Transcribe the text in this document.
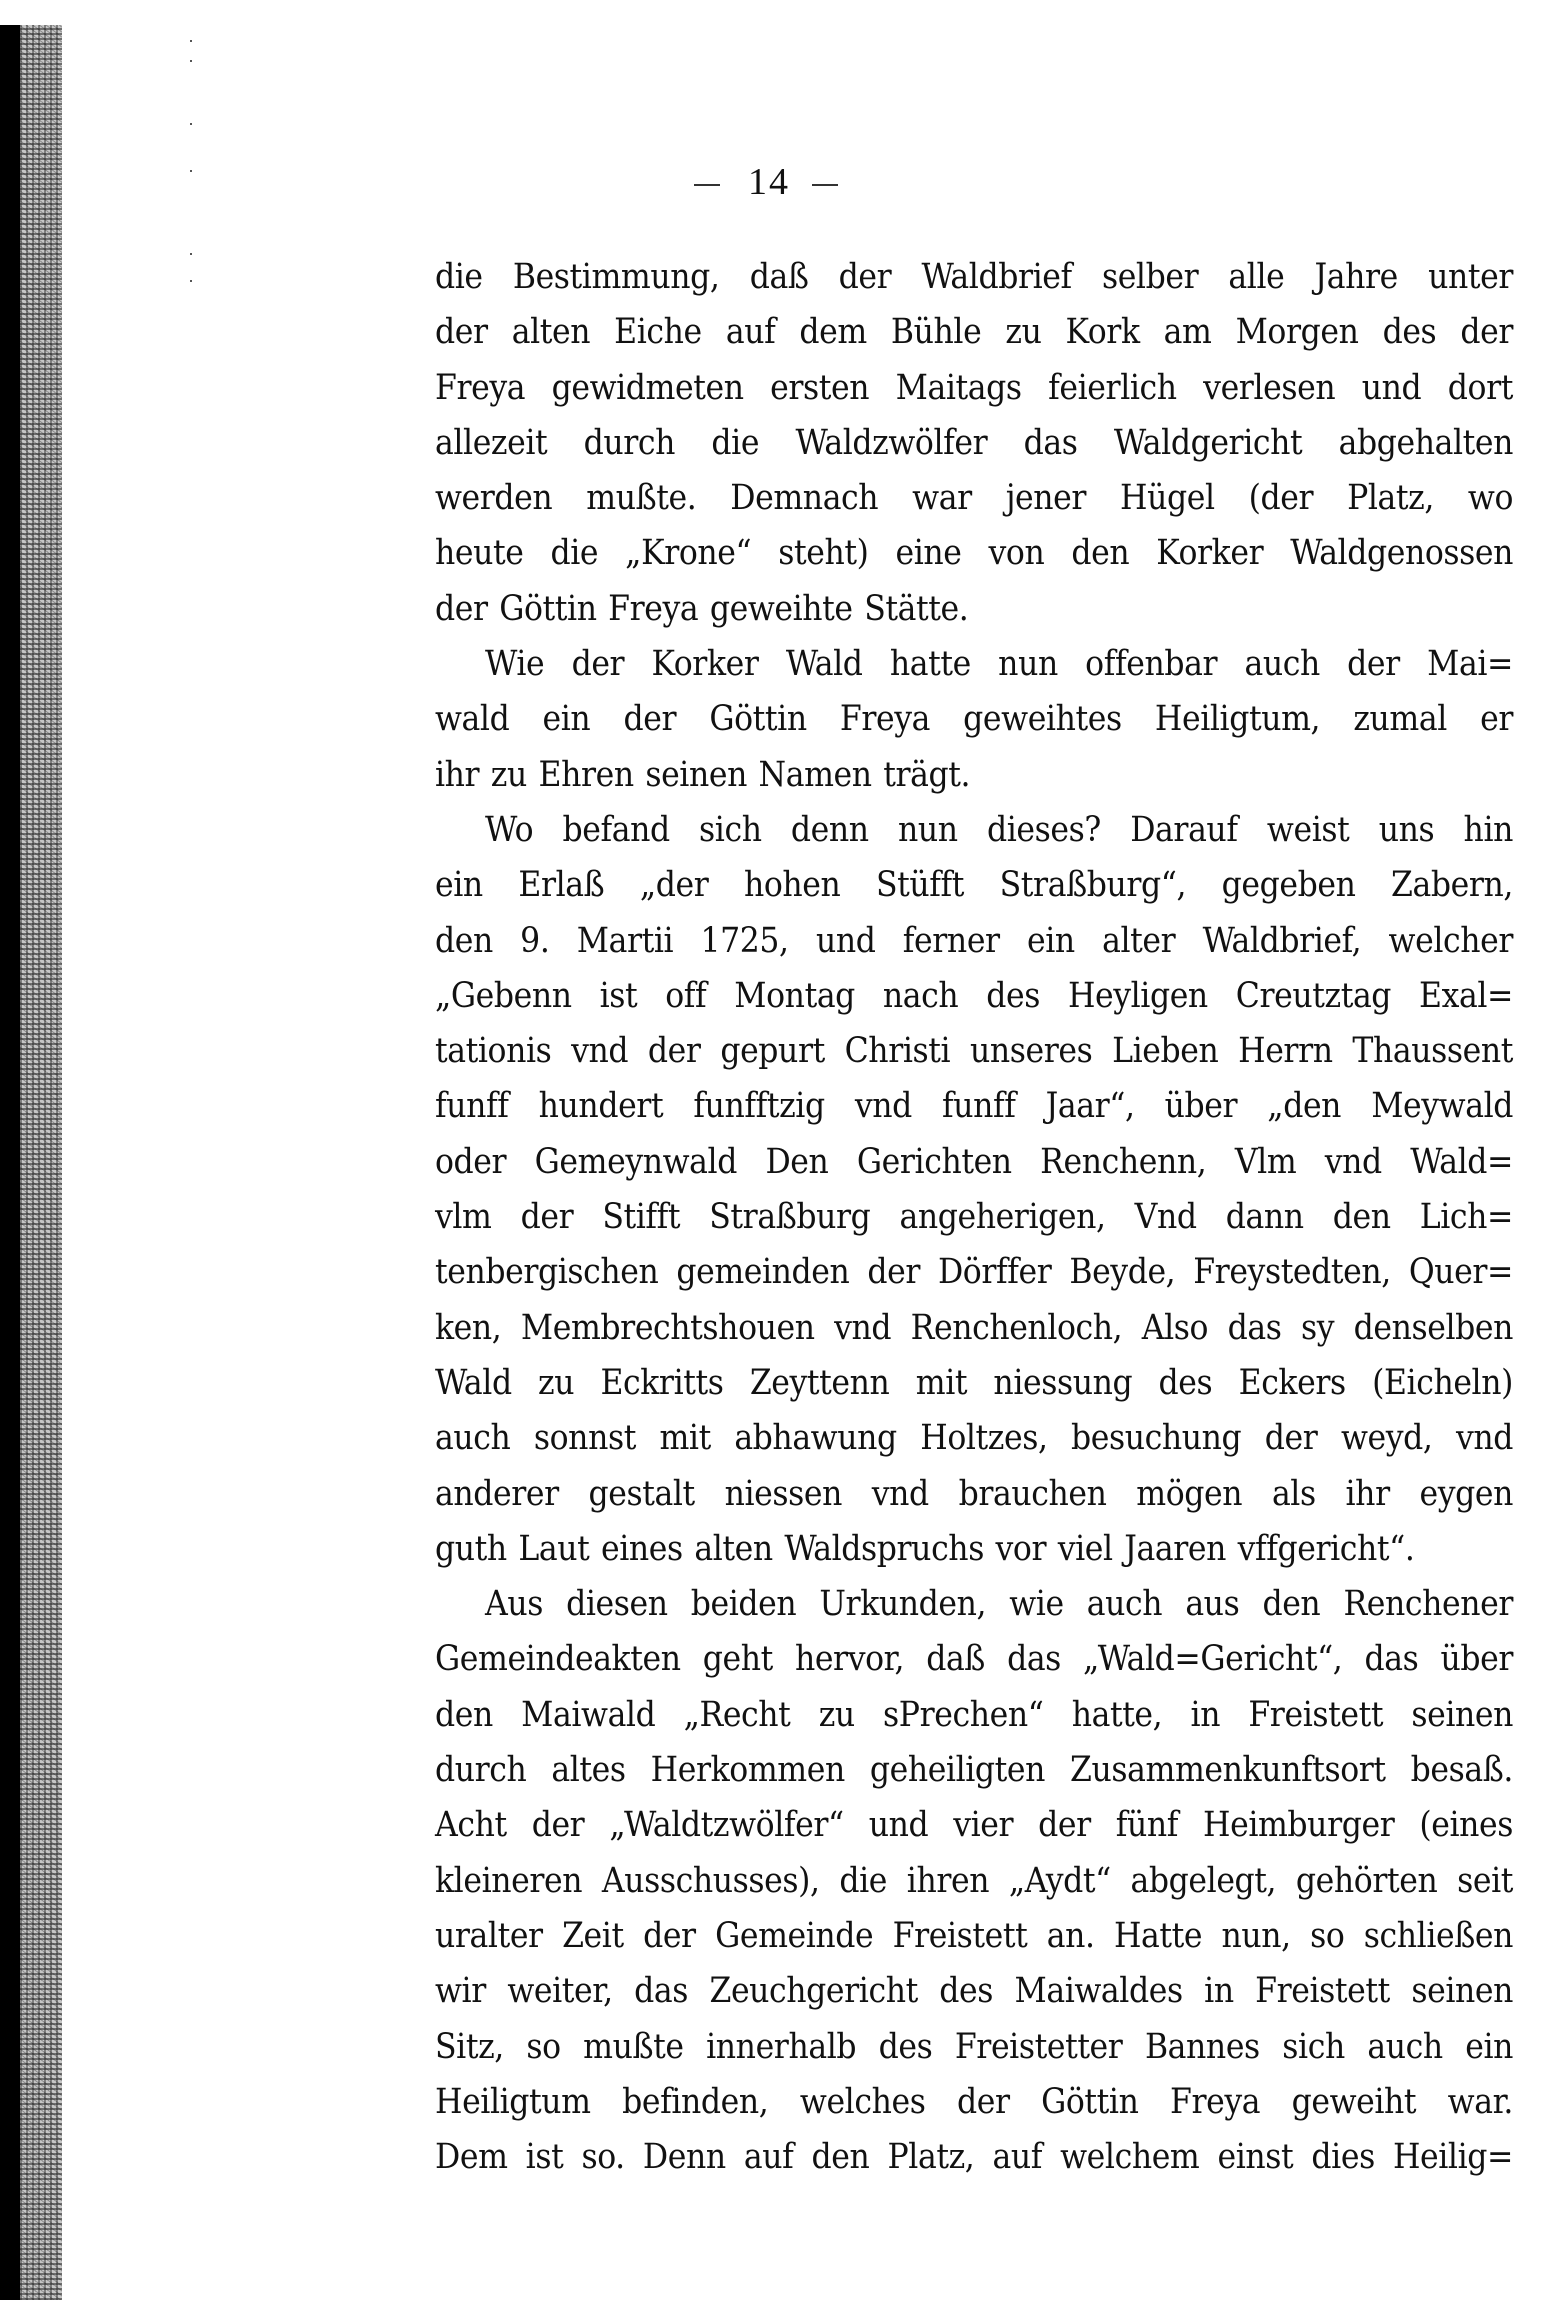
14
die Bestimmung, daß der Waldbrief selber alle Jahre unter
der alten Eiche auf dem Bühle zu Kork am Morgen des der
Freya gewidmeten ersten Maitags feierlich verlesen und dort
allezeit durch die Waldzwölfer das Waldgericht abgehalten
werden mußte. Demnach war jener Hügel (der Platz, wo
heute die „Krone“ steht) eine von den Korker Waldgenossen
der Göttin Freya geweihte Stätte.
Wie der Korker Wald hatte nun offenbar auch der Mai=
wald ein der Göttin Freya geweihtes Heiligtum, zumal er
ihr zu Ehren seinen Namen trägt.
Wo befand sich denn nun dieses? Darauf weist uns hin
ein Erlaß „der hohen Stüfft Straßburg“, gegeben Zabern,
den 9. Martii 1725, und ferner ein alter Waldbrief, welcher
„Gebenn ist off Montag nach des Heyligen Creutztag Exal=
tationis vnd der gepurt Christi unseres Lieben Herrn Thaussent
funff hundert funfftzig vnd funff Jaar“, über „den Meywald
oder Gemeynwald Den Gerichten Renchenn, Vlm vnd Wald=
vlm der Stifft Straßburg angeherigen, Vnd dann den Lich=
tenbergischen gemeinden der Dörffer Beyde, Freystedten, Quer=
ken, Membrechtshouen vnd Renchenloch, Also das sy denselben
Wald zu Eckritts Zeyttenn mit niessung des Eckers (Eicheln)
auch sonnst mit abhawung Holtzes, besuchung der weyd, vnd
anderer gestalt niessen vnd brauchen mögen als ihr eygen
guth Laut eines alten Waldspruchs vor viel Jaaren vffgericht“.
Aus diesen beiden Urkunden, wie auch aus den Renchener
Gemeindeakten geht hervor, daß das „Wald=Gericht“, das über
den Maiwald „Recht zu sPrechen“ hatte, in Freistett seinen
durch altes Herkommen geheiligten Zusammenkunftsort besaß.
Acht der „Waldtzwölfer“ und vier der fünf Heimburger (eines
kleineren Ausschusses), die ihren „Aydt“ abgelegt, gehörten seit
uralter Zeit der Gemeinde Freistett an. Hatte nun, so schließen
wir weiter, das Zeuchgericht des Maiwaldes in Freistett seinen
Sitz, so mußte innerhalb des Freistetter Bannes sich auch ein
Heiligtum befinden, welches der Göttin Freya geweiht war.
Dem ist so. Denn auf den Platz, auf welchem einst dies Heilig=
